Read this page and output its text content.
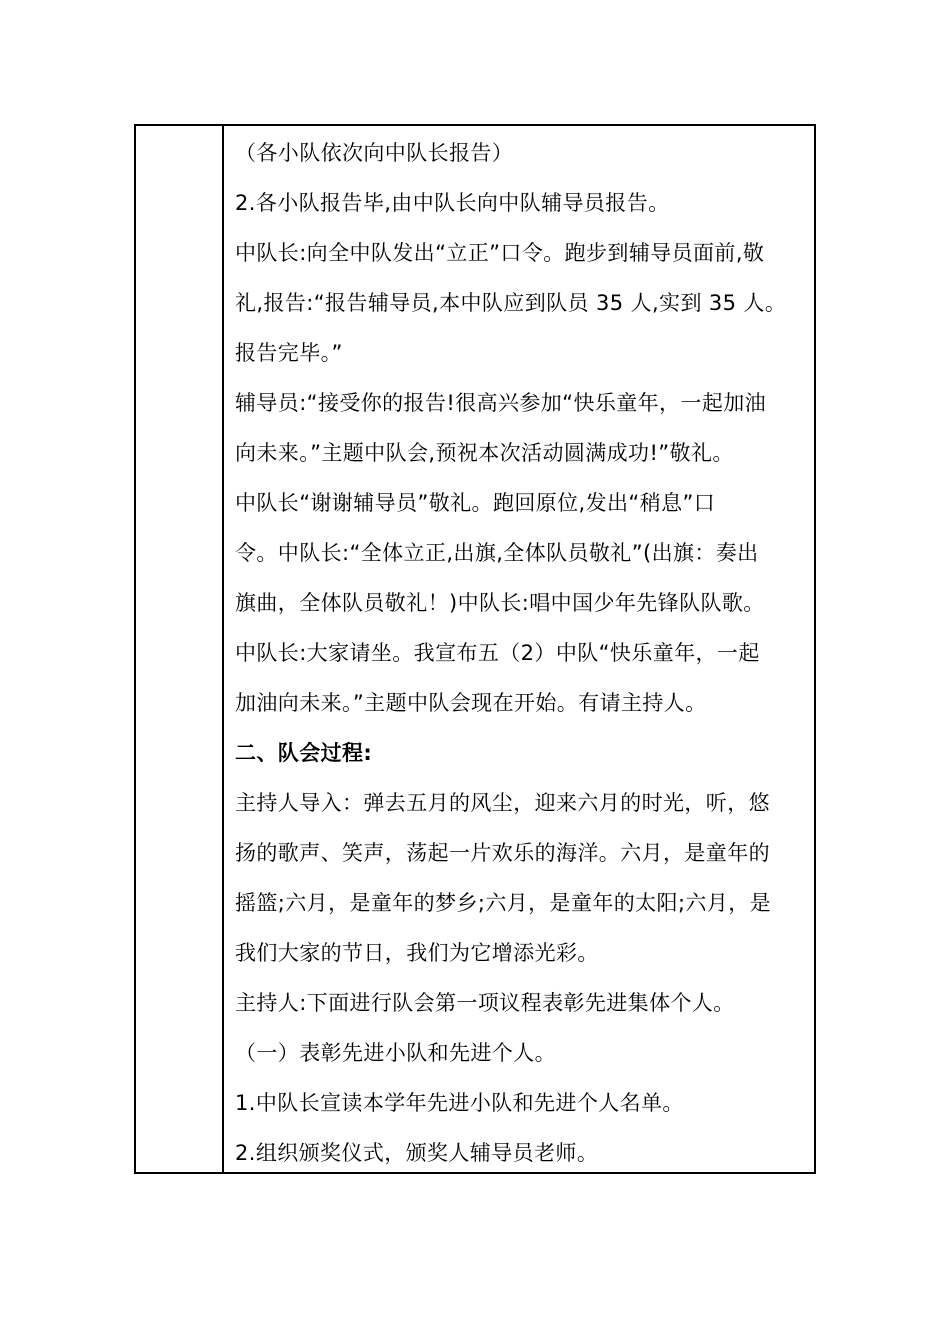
（各小队依次向中队长报告）
2.各小队报告毕,由中队长向中队辅导员报告。
中队长:向全中队发出“立正”口令。跑步到辅导员面前,敬
礼,报告:“报告辅导员,本中队应到队员 35 人,实到 35 人。
报告完毕。”
辅导员:“接受你的报告!很高兴参加“快乐童年，一起加油
向未来。”主题中队会,预祝本次活动圆满成功!”敬礼。
中队长“谢谢辅导员”敬礼。跑回原位,发出“稍息”口
令。中队长:“全体立正,出旗,全体队员敬礼”(出旗：奏出
旗曲，全体队员敬礼！)中队长:唱中国少年先锋队队歌。
中队长:大家请坐。我宣布五（2）中队“快乐童年，一起
加油向未来。”主题中队会现在开始。有请主持人。
二、队会过程:
主持人导入：弹去五月的风尘，迎来六月的时光，听，悠
扬的歌声、笑声，荡起一片欢乐的海洋。六月，是童年的
摇篮;六月，是童年的梦乡;六月，是童年的太阳;六月，是
我们大家的节日，我们为它增添光彩。
主持人:下面进行队会第一项议程表彰先进集体个人。
（一）表彰先进小队和先进个人。
1.中队长宣读本学年先进小队和先进个人名单。
2.组织颁奖仪式，颁奖人辅导员老师。
